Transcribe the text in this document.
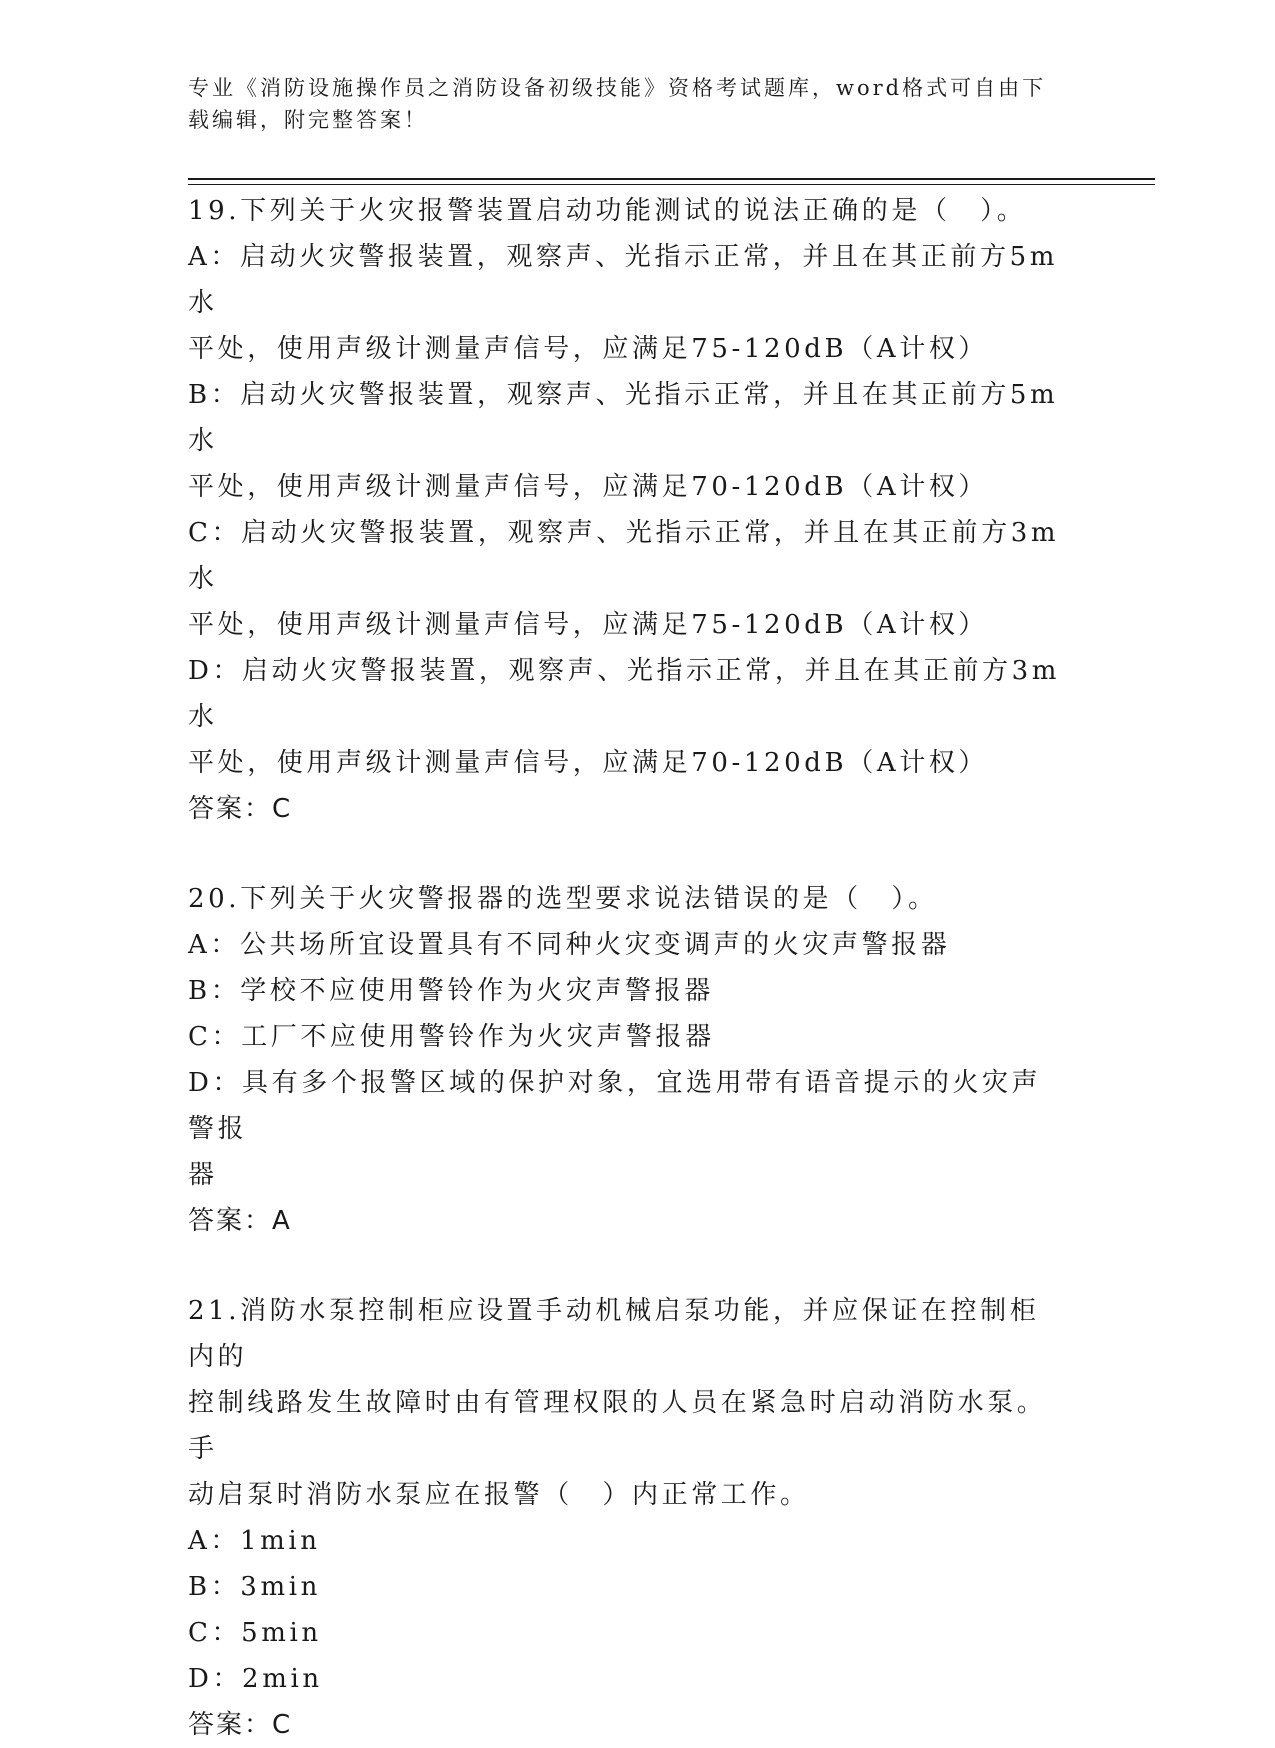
专业《消防设施操作员之消防设备初级技能》资格考试题库，word格式可自由下载编辑，附完整答案！

19.下列关于火灾报警装置启动功能测试的说法正确的是（　）。

A：启动火灾警报装置，观察声、光指示正常，并且在其正前方5m水

平处，使用声级计测量声信号，应满足75-120dB（A计权）

B：启动火灾警报装置，观察声、光指示正常，并且在其正前方5m水

平处，使用声级计测量声信号，应满足70-120dB（A计权）

C：启动火灾警报装置，观察声、光指示正常，并且在其正前方3m水

平处，使用声级计测量声信号，应满足75-120dB（A计权）

D：启动火灾警报装置，观察声、光指示正常，并且在其正前方3m水

平处，使用声级计测量声信号，应满足70-120dB（A计权）

答案：C

20.下列关于火灾警报器的选型要求说法错误的是（　）。

A：公共场所宜设置具有不同种火灾变调声的火灾声警报器

B：学校不应使用警铃作为火灾声警报器

C：工厂不应使用警铃作为火灾声警报器

D：具有多个报警区域的保护对象，宜选用带有语音提示的火灾声警报

器

答案：A

21.消防水泵控制柜应设置手动机械启泵功能，并应保证在控制柜内的

控制线路发生故障时由有管理权限的人员在紧急时启动消防水泵。手

动启泵时消防水泵应在报警（　）内正常工作。

A：1min

B：3min

C：5min

D：2min

答案：C
